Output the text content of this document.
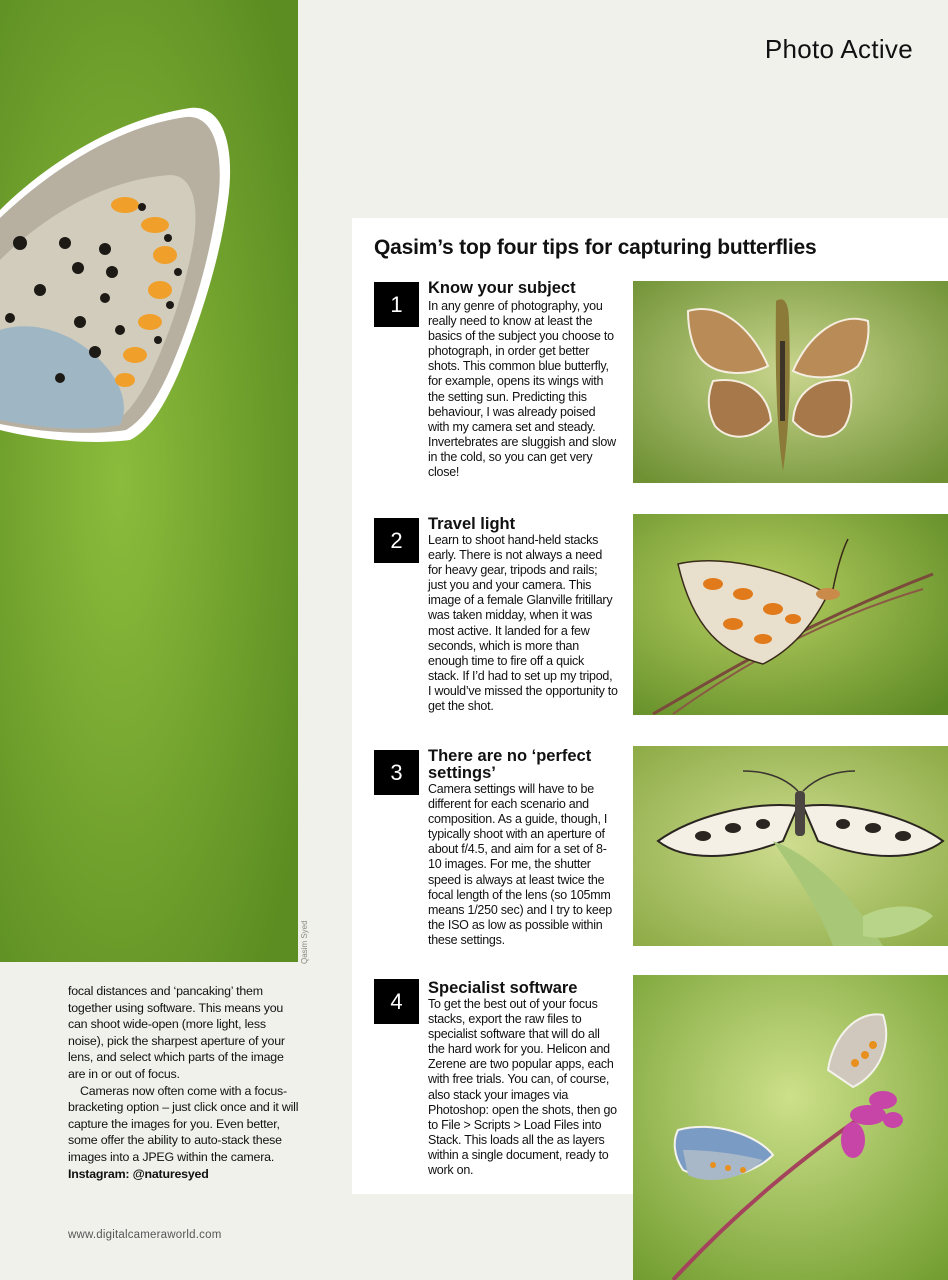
Qasim Syed
Photo Active
Qasim’s top four tips for capturing butterflies
1
Know your subject
In any genre of photography, you really need to know at least the basics of the subject you choose to photograph, in order get better shots. This common blue butterfly, for example, opens its wings with the setting sun. Predicting this behaviour, I was already poised with my camera set and steady. Invertebrates are sluggish and slow in the cold, so you can get very close!
2
Travel light
Learn to shoot hand-held stacks early. There is not always a need for heavy gear, tripods and rails; just you and your camera. This image of a female Glanville fritillary was taken midday, when it was most active. It landed for a few seconds, which is more than enough time to fire off a quick stack. If I’d had to set up my tripod, I would’ve missed the opportunity to get the shot.
3
There are no ‘perfect settings’
Camera settings will have to be different for each scenario and composition. As a guide, though, I typically shoot with an aperture of about f/4.5, and aim for a set of 8-10 images. For me, the shutter speed is always at least twice the focal length of the lens (so 105mm means 1/250 sec) and I try to keep the ISO as low as possible within these settings.
4
Specialist software
To get the best out of your focus stacks, export the raw files to specialist software that will do all the hard work for you. Helicon and Zerene are two popular apps, each with free trials. You can, of course, also stack your images via Photoshop: open the shots, then go to File > Scripts > Load Files into Stack. This loads all the as layers within a single document, ready to work on.

focal distances and ‘pancaking’ them together using software. This means you can shoot wide-open (more light, less noise), pick the sharpest aperture of your lens, and select which parts of the image are in or out of focus.

Cameras now often come with a focus-bracketing option – just click once and it will capture the images for you. Even better, some offer the ability to auto-stack these images into a JPEG within the camera.

Instagram: @naturesyed

www.digitalcameraworld.com
